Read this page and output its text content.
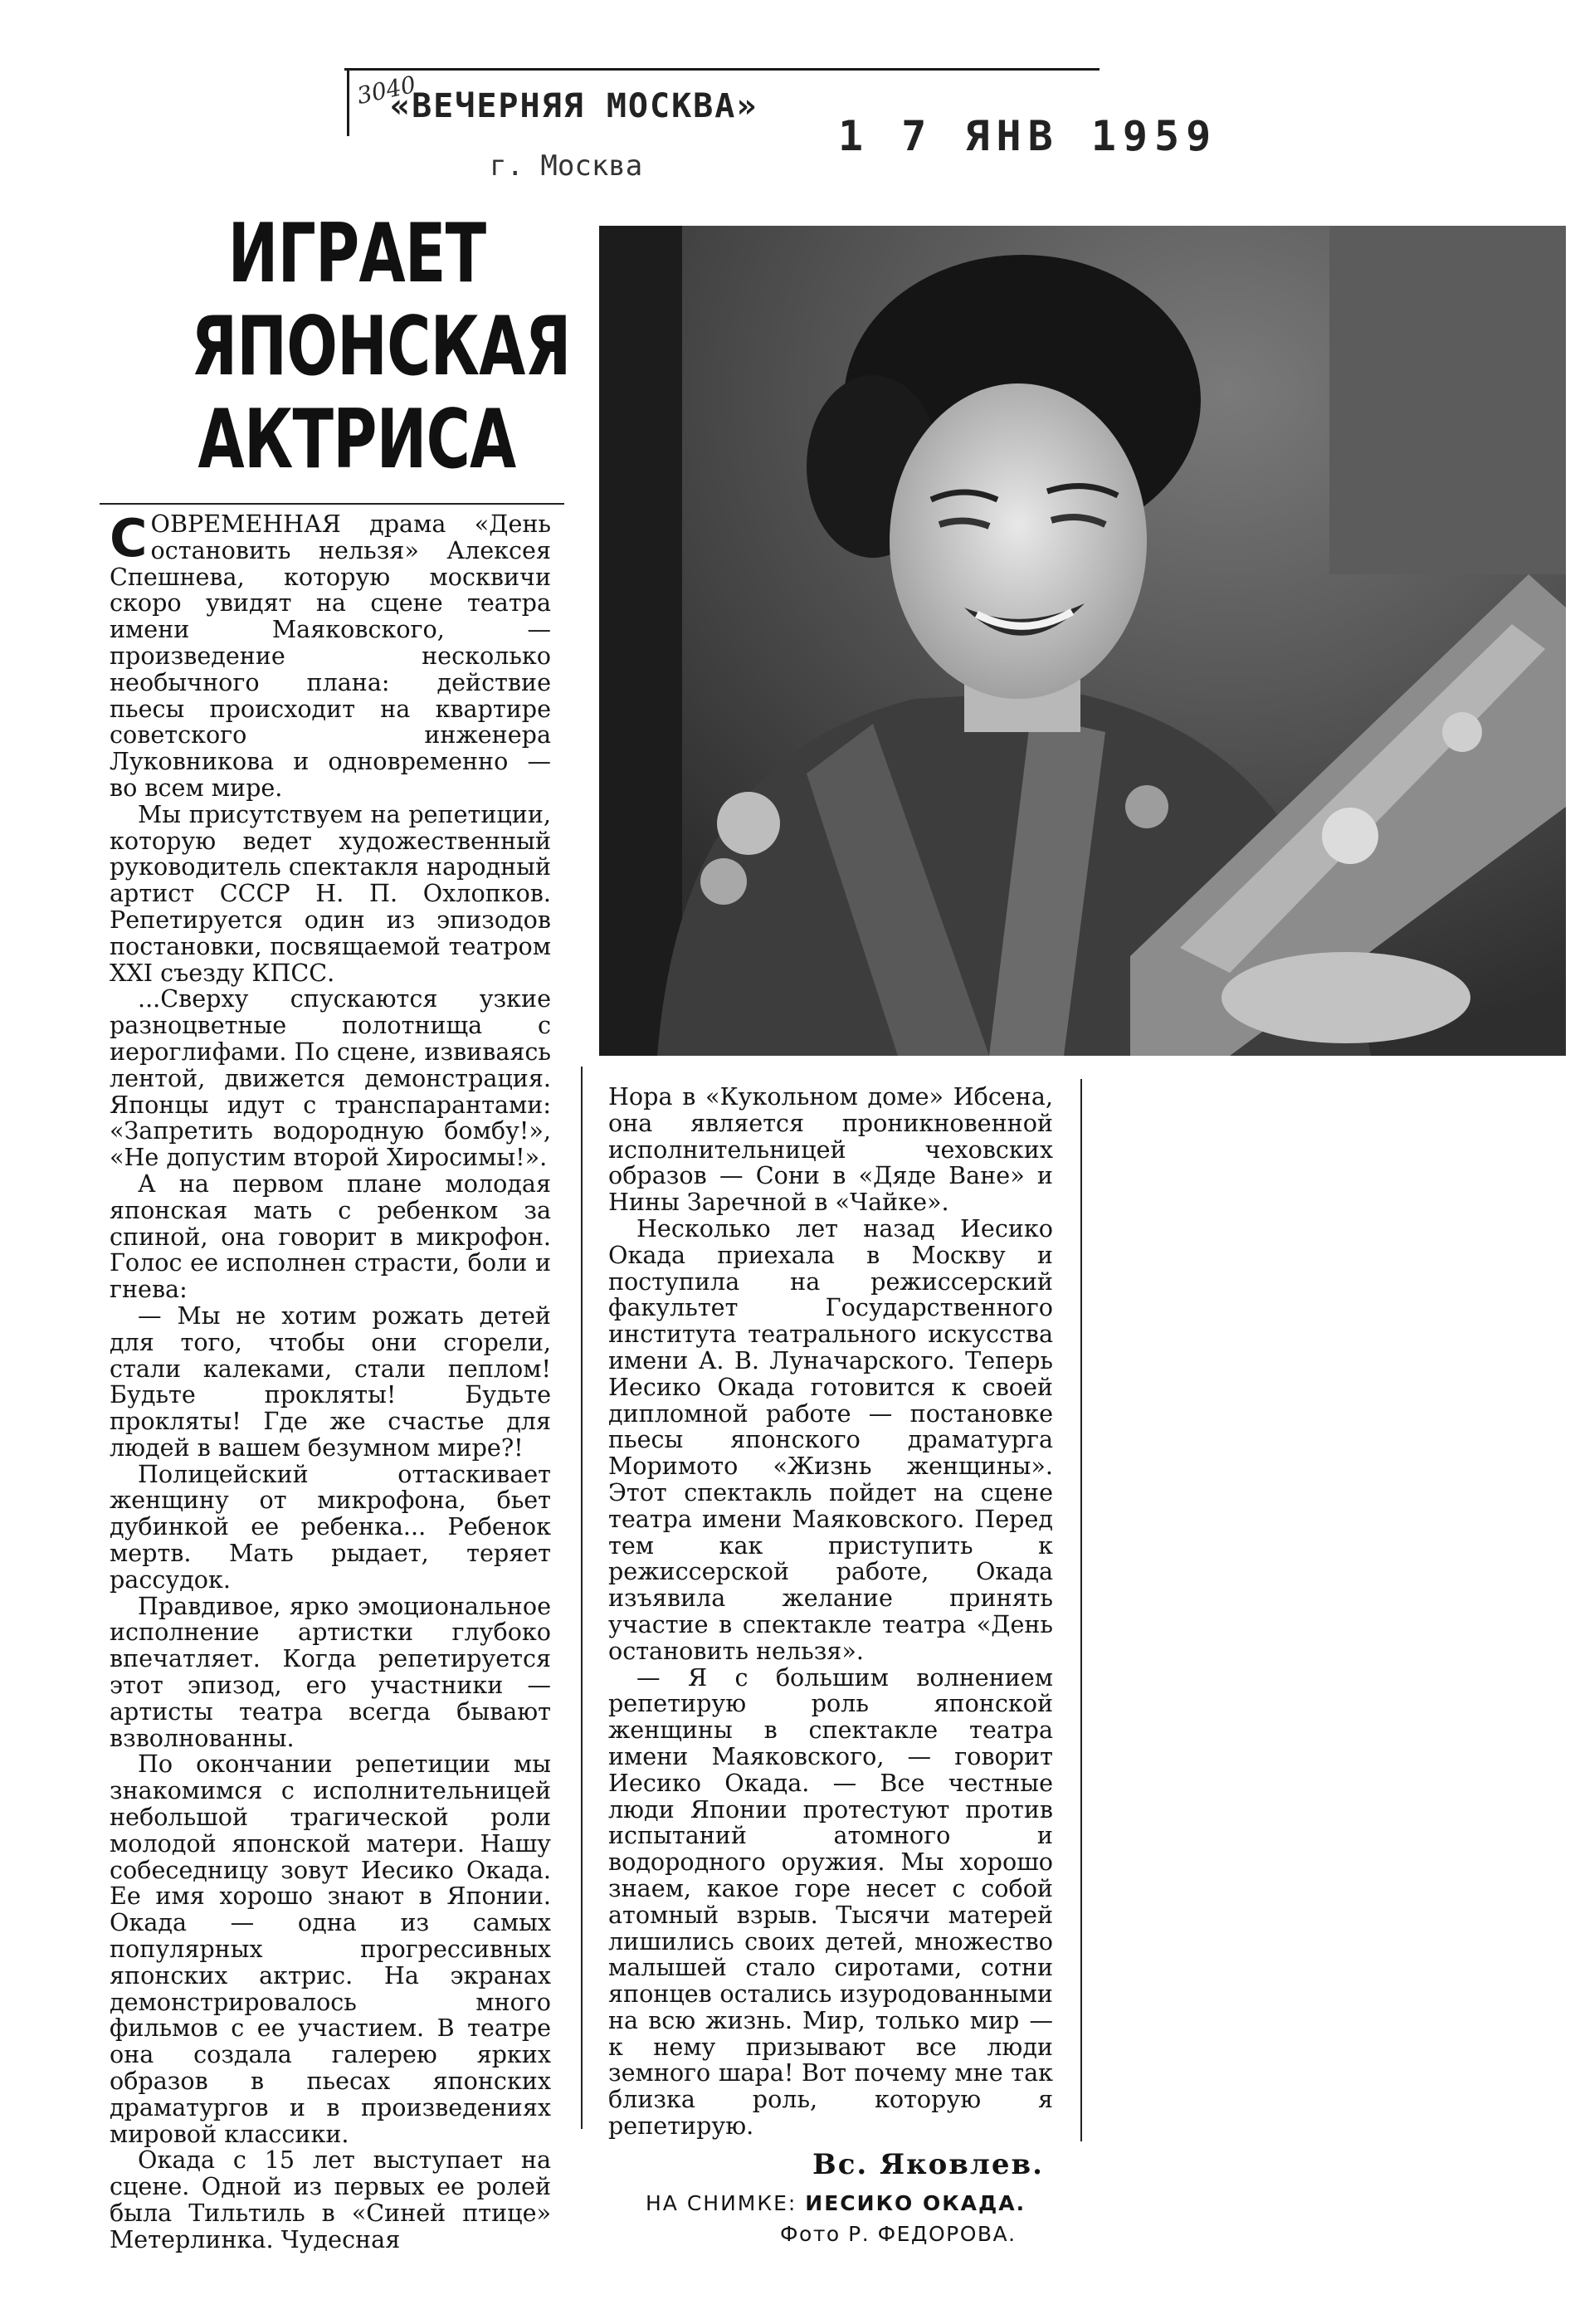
3040
«ВЕЧЕРНЯЯ МОСКВА»
г. Москва
1 7 ЯНВ 1959
ИГРАЕТ
ЯПОНСКАЯ
АКТРИСА

СОВРЕМЕННАЯ драма «День остановить нельзя» Алексея Спешнева, которую москвичи скоро увидят на сцене театра имени Маяковского, — произведение несколько необычного плана: действие пьесы происходит на квартире советского инженера Луковникова и одновременно — во всем мире.

Мы присутствуем на репетиции, которую ведет художественный руководитель спектакля народный артист СССР Н. П. Охлопков. Репетируется один из эпизодов постановки, посвящаемой театром XXI съезду КПСС.

...Сверху спускаются узкие разноцветные полотнища с иероглифами. По сцене, извиваясь лентой, движется демонстрация. Японцы идут с транспарантами: «Запретить водородную бомбу!», «Не допустим второй Хиросимы!».

А на первом плане молодая японская мать с ребенком за спиной, она говорит в микрофон. Голос ее исполнен страсти, боли и гнева:

— Мы не хотим рожать детей для того, чтобы они сгорели, стали калеками, стали пеплом! Будьте прокляты! Будьте прокляты! Где же счастье для людей в вашем безумном мире?!

Полицейский оттаскивает женщину от микрофона, бьет дубинкой ее ребенка... Ребенок мертв. Мать рыдает, теряет рассудок.

Правдивое, ярко эмоциональное исполнение артистки глубоко впечатляет. Когда репетируется этот эпизод, его участники — артисты театра всегда бывают взволнованны.

По окончании репетиции мы знакомимся с исполнительницей небольшой трагической роли молодой японской матери. Нашу собеседницу зовут Иесико Окада. Ее имя хорошо знают в Японии. Окада — одна из самых популярных прогрессивных японских актрис. На экранах демонстрировалось много фильмов с ее участием. В театре она создала галерею ярких образов в пьесах японских драматургов и в произведениях мировой классики.

Окада с 15 лет выступает на сцене. Одной из первых ее ролей была Тильтиль в «Синей птице» Метерлинка. Чудесная

Нора в «Кукольном доме» Ибсена, она является проникновенной исполнительницей чеховских образов — Сони в «Дяде Ване» и Нины Заречной в «Чайке».

Несколько лет назад Иесико Окада приехала в Москву и поступила на режиссерский факультет Государственного института театрального искусства имени А. В. Луначарского. Теперь Иесико Окада готовится к своей дипломной работе — постановке пьесы японского драматурга Моримото «Жизнь женщины». Этот спектакль пойдет на сцене театра имени Маяковского. Перед тем как приступить к режиссерской работе, Окада изъявила желание принять участие в спектакле театра «День остановить нельзя».

— Я с большим волнением репетирую роль японской женщины в спектакле театра имени Маяковского, — говорит Иесико Окада. — Все честные люди Японии протестуют против испытаний атомного и водородного оружия. Мы хорошо знаем, какое горе несет с собой атомный взрыв. Тысячи матерей лишились своих детей, множество малышей стало сиротами, сотни японцев остались изуродованными на всю жизнь. Мир, только мир — к нему призывают все люди земного шара! Вот почему мне так близка роль, которую я репетирую.

Вс. Яковлев.
НА СНИМКЕ: ИЕСИКО ОКАДА.
Фото Р. ФЕДОРОВА.
